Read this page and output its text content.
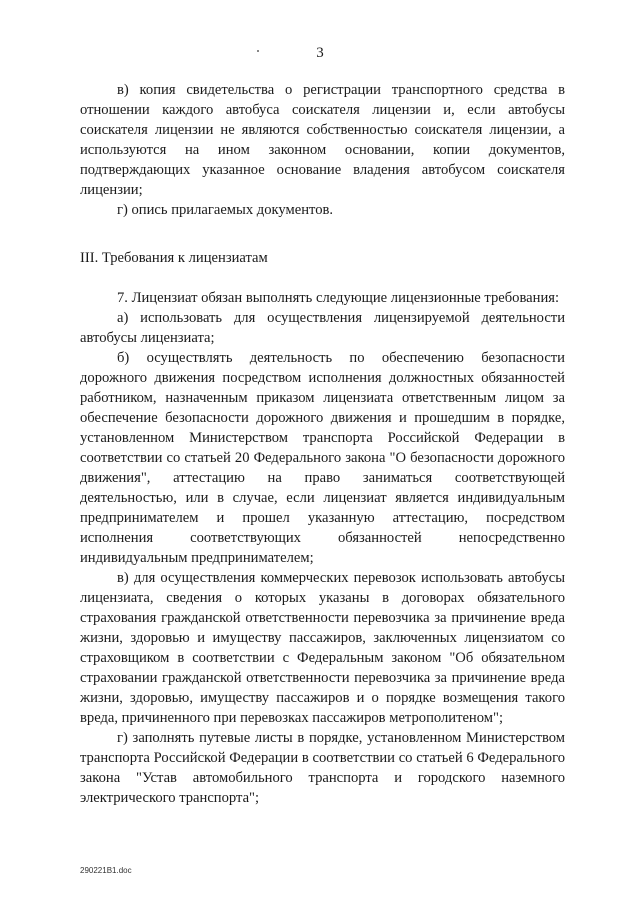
3

в) копия свидетельства о регистрации транспортного средства в отношении каждого автобуса соискателя лицензии и, если автобусы соискателя лицензии не являются собственностью соискателя лицензии, а используются на ином законном основании, копии документов, подтверждающих указанное основание владения автобусом соискателя лицензии;

г) опись прилагаемых документов.

III. Требования к лицензиатам

7. Лицензиат обязан выполнять следующие лицензионные требования:

а) использовать для осуществления лицензируемой деятельности автобусы лицензиата;

б) осуществлять деятельность по обеспечению безопасности дорожного движения посредством исполнения должностных обязанностей работником, назначенным приказом лицензиата ответственным лицом за обеспечение безопасности дорожного движения и прошедшим в порядке, установленном Министерством транспорта Российской Федерации в соответствии со статьей 20 Федерального закона "О безопасности дорожного движения", аттестацию на право заниматься соответствующей деятельностью, или в случае, если лицензиат является индивидуальным предпринимателем и прошел указанную аттестацию, посредством исполнения соответствующих обязанностей непосредственно индивидуальным предпринимателем;

в) для осуществления коммерческих перевозок использовать автобусы лицензиата, сведения о которых указаны в договорах обязательного страхования гражданской ответственности перевозчика за причинение вреда жизни, здоровью и имуществу пассажиров, заключенных лицензиатом со страховщиком в соответствии с Федеральным законом "Об обязательном страховании гражданской ответственности перевозчика за причинение вреда жизни, здоровью, имуществу пассажиров и о порядке возмещения такого вреда, причиненного при перевозках пассажиров метрополитеном";

г) заполнять путевые листы в порядке, установленном Министерством транспорта Российской Федерации в соответствии со статьей 6 Федерального закона "Устав автомобильного транспорта и городского наземного электрического транспорта";

290221B1.doc
